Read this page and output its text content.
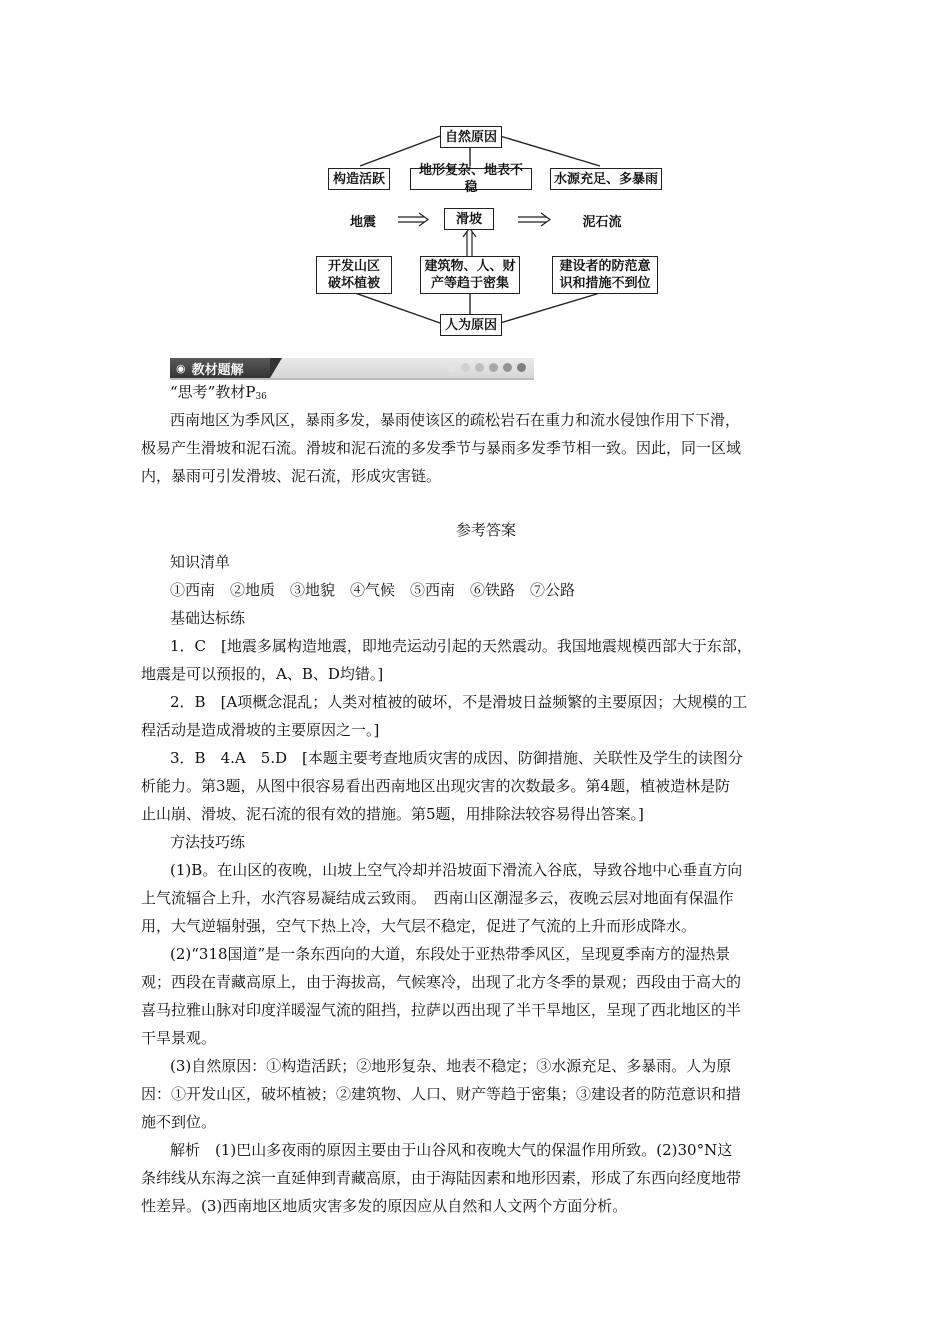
自然原因
构造活跃
地形复杂、地表不稳
水源充足、多暴雨
地震	滑坡	泥石流
开发山区
破坏植被
建筑物、人、财
产等趋于密集
建设者的防范意
识和措施不到位
人为原因
◉ 教材题解
“思考”教材$P_{36}$
西南地区为季风区，暴雨多发，暴雨使该区的疏松岩石在重力和流水侵蚀作用下下滑，
极易产生滑坡和泥石流。滑坡和泥石流的多发季节与暴雨多发季节相一致。因此，同一区域
内，暴雨可引发滑坡、泥石流，形成灾害链。
参考答案
知识清单
①西南　②地质　③地貌　④气候　⑤西南　⑥铁路　⑦公路
基础达标练
1．C　[地震多属构造地震，即地壳运动引起的天然震动。我国地震规模西部大于东部，
地震是可以预报的，A、B、D均错。]
2．B　[A项概念混乱；人类对植被的破坏，不是滑坡日益频繁的主要原因；大规模的工
程活动是造成滑坡的主要原因之一。]
3．B　4.A　5.D　[本题主要考查地质灾害的成因、防御措施、关联性及学生的读图分
析能力。第3题，从图中很容易看出西南地区出现灾害的次数最多。第4题，植被造林是防
止山崩、滑坡、泥石流的很有效的措施。第5题，用排除法较容易得出答案。]
方法技巧练
(1)B。在山区的夜晚，山坡上空气冷却并沿坡面下滑流入谷底，导致谷地中心垂直方向
上气流辐合上升，水汽容易凝结成云致雨。　西南山区潮湿多云，夜晚云层对地面有保温作
用，大气逆辐射强，空气下热上冷，大气层不稳定，促进了气流的上升而形成降水。
(2)“318国道”是一条东西向的大道，东段处于亚热带季风区，呈现夏季南方的湿热景
观；西段在青藏高原上，由于海拔高，气候寒冷，出现了北方冬季的景观；西段由于高大的
喜马拉雅山脉对印度洋暖湿气流的阻挡，拉萨以西出现了半干旱地区，呈现了西北地区的半
干旱景观。
(3)自然原因：①构造活跃；②地形复杂、地表不稳定；③水源充足、多暴雨。人为原
因：①开发山区，破坏植被；②建筑物、人口、财产等趋于密集；③建设者的防范意识和措
施不到位。
解析　(1)巴山多夜雨的原因主要由于山谷风和夜晚大气的保温作用所致。(2)30°N这
条纬线从东海之滨一直延伸到青藏高原，由于海陆因素和地形因素，形成了东西向经度地带
性差异。(3)西南地区地质灾害多发的原因应从自然和人文两个方面分析。
